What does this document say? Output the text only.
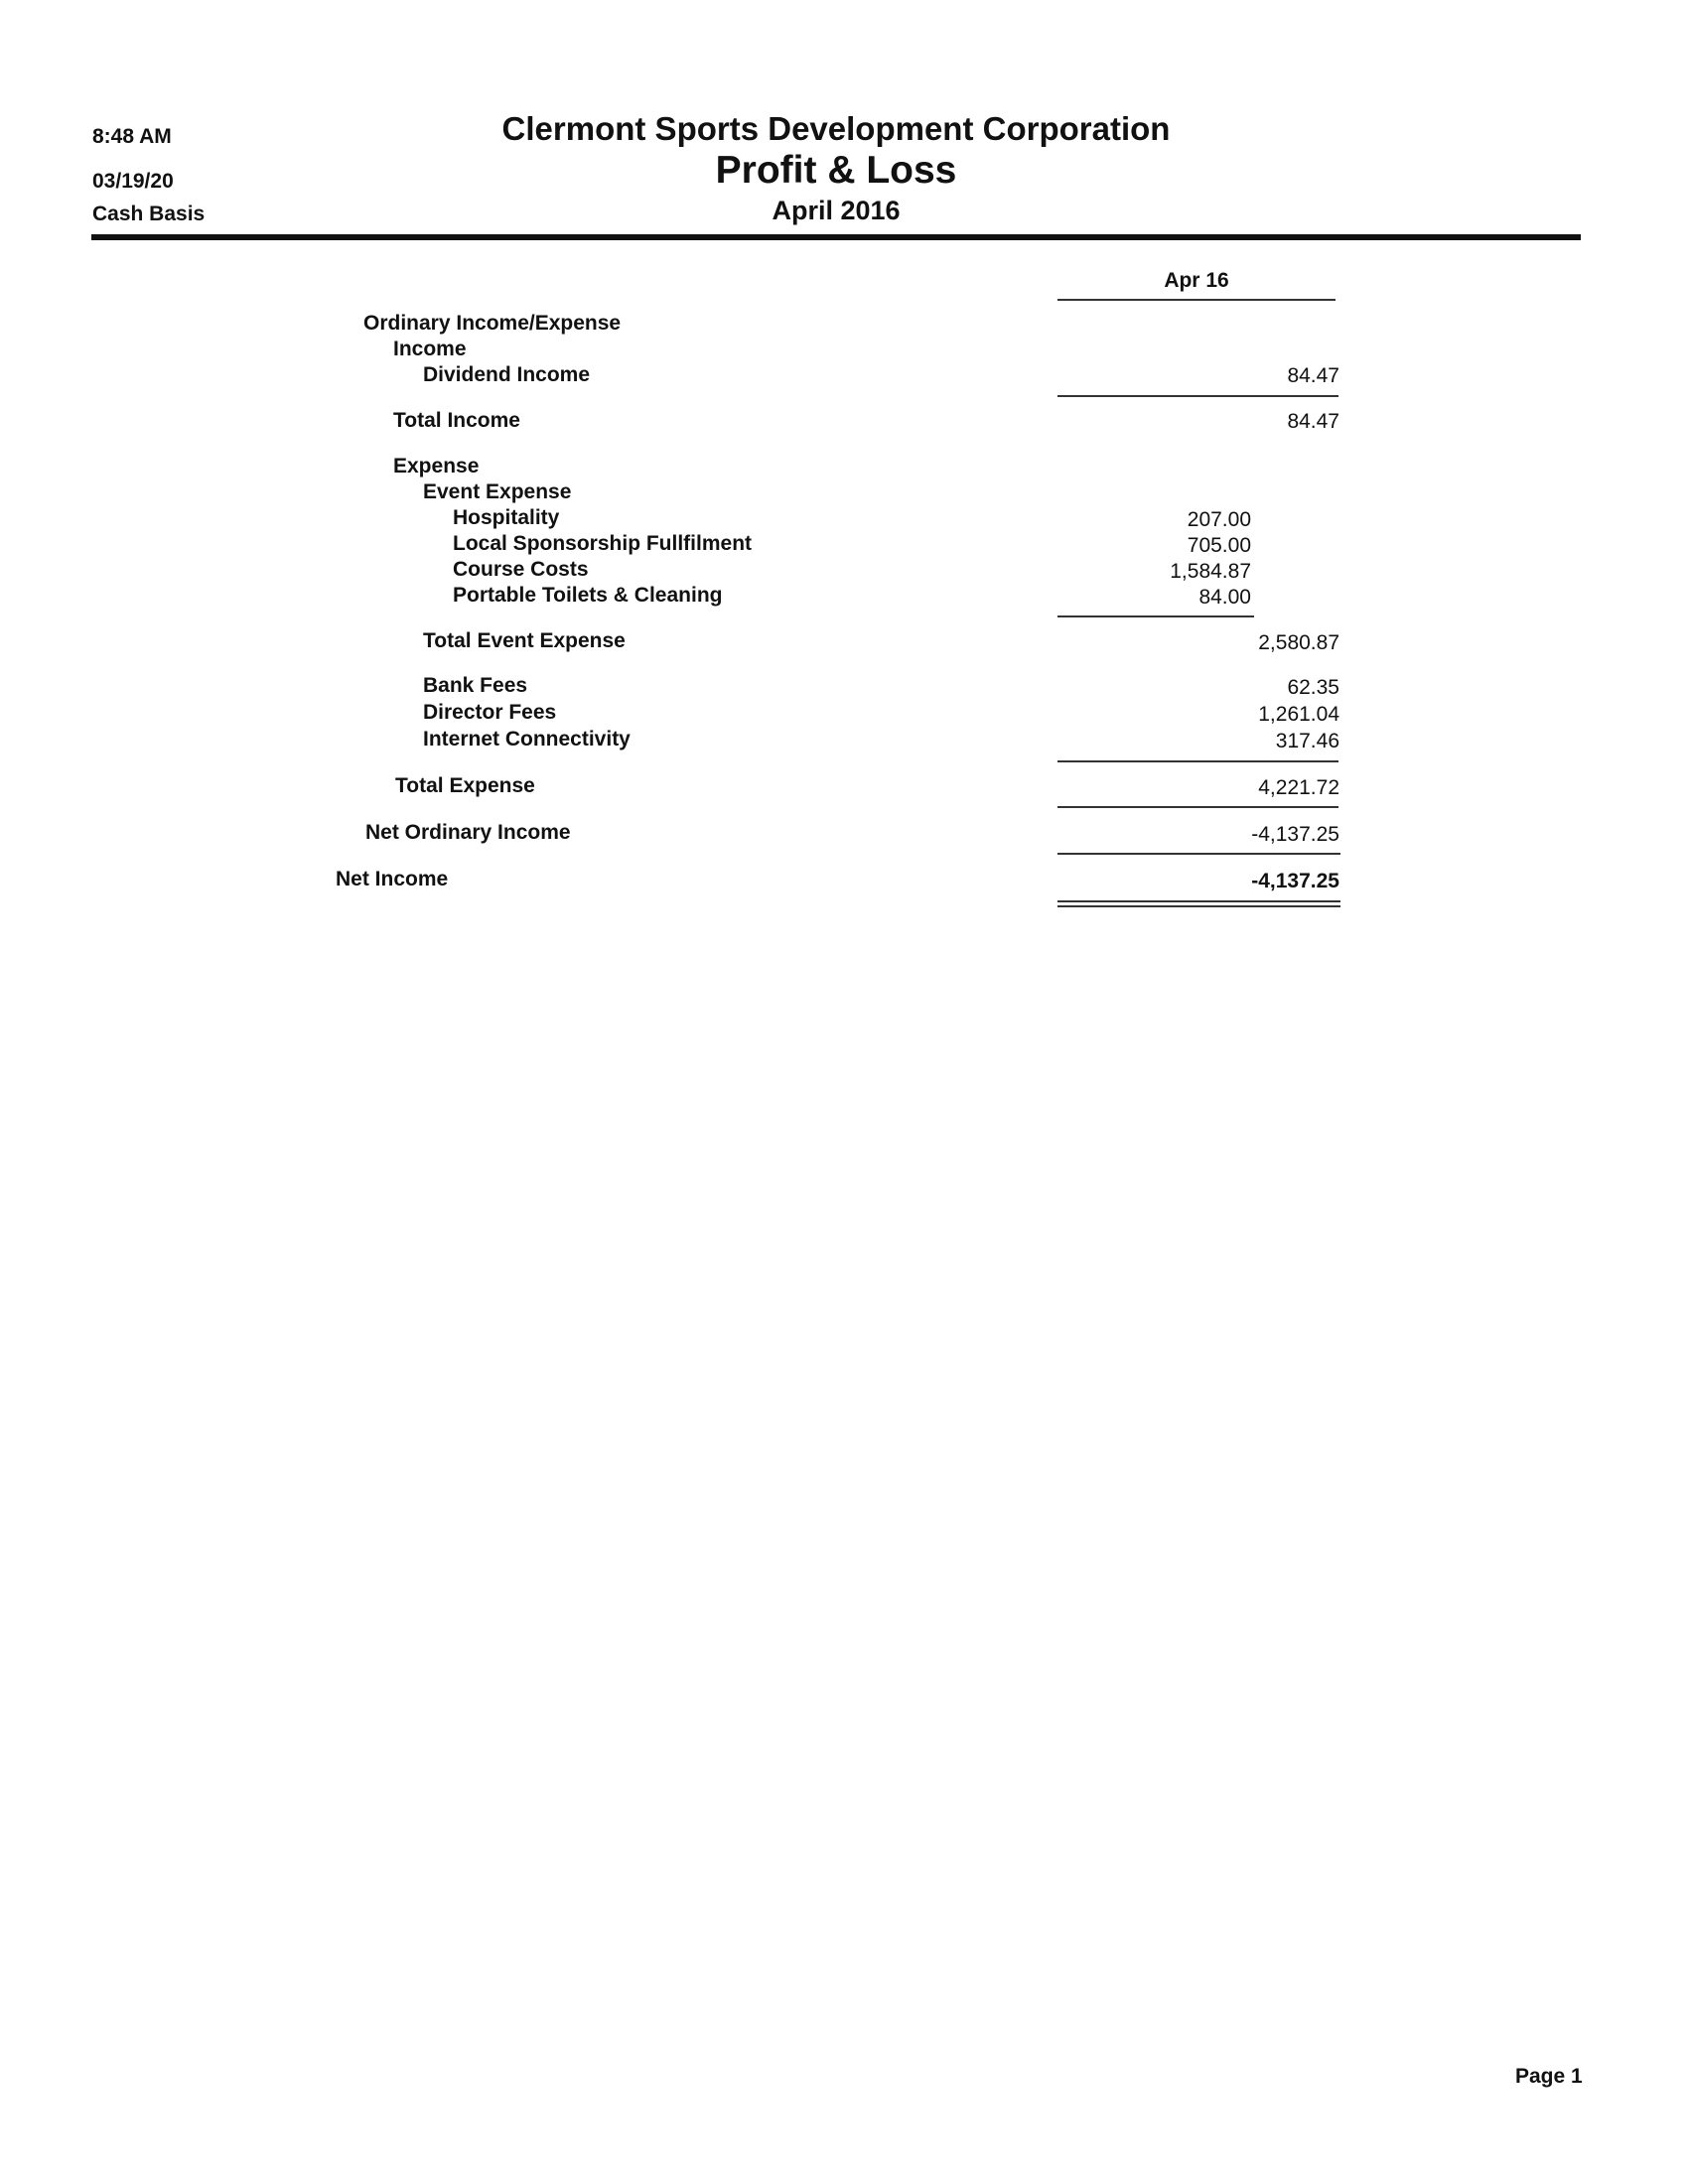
8:48 AM
03/19/20
Cash Basis
Clermont Sports Development Corporation
Profit & Loss
April 2016
Apr 16
Ordinary Income/Expense
Income
Dividend Income	84.47
Total Income	84.47
Expense
Event Expense
Hospitality	207.00
Local Sponsorship Fullfilment	705.00
Course Costs	1,584.87
Portable Toilets & Cleaning	84.00
Total Event Expense	2,580.87
Bank Fees	62.35
Director Fees	1,261.04
Internet Connectivity	317.46
Total Expense	4,221.72
Net Ordinary Income	-4,137.25
Net Income	-4,137.25
Page 1
